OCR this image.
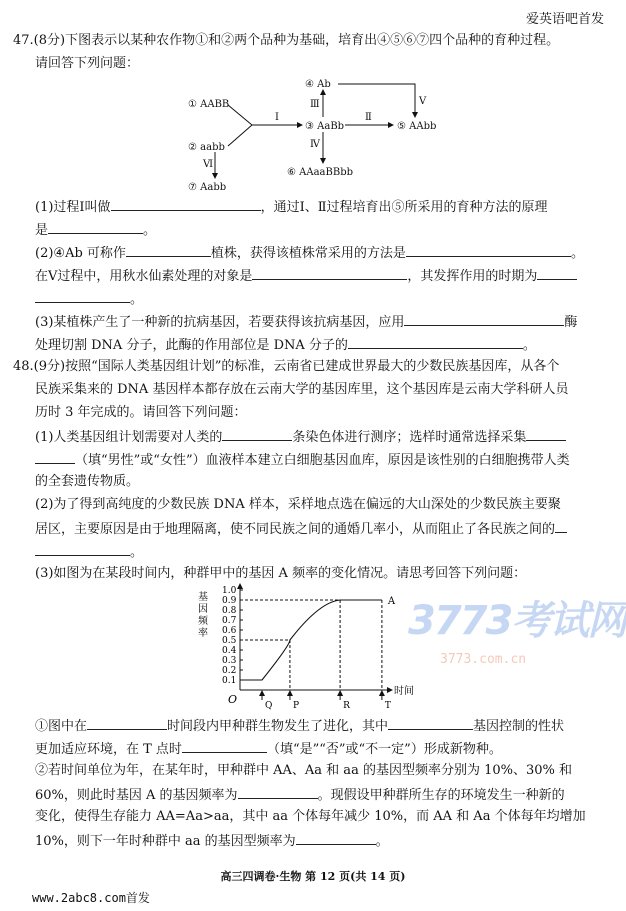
爱英语吧首发
47.(8分)下图表示以某种农作物①和②两个品种为基础，培育出④⑤⑥⑦四个品种的育种过程。
请回答下列问题：
① AABB
② aabb
③ AaBb
④ Ab
⑤ AAbb
⑥ AAaaBBbb
⑦ Aabb
Ⅰ	Ⅱ
Ⅲ
Ⅳ
Ⅴ
Ⅵ
(1)过程Ⅰ叫做	，通过Ⅰ、Ⅱ过程培育出⑤所采用的育种方法的原理
是	。
(2)④Ab 可称作	植株，获得该植株常采用的方法是	。
在Ⅴ过程中，用秋水仙素处理的对象是	，其发挥作用的时期为
。
(3)某植株产生了一种新的抗病基因，若要获得该抗病基因，应用	酶
处理切割 DNA 分子，此酶的作用部位是 DNA 分子的	。
48.(9分)按照“国际人类基因组计划”的标准，云南省已建成世界最大的少数民族基因库，从各个
民族采集来的 DNA 基因样本都存放在云南大学的基因库里，这个基因库是云南大学科研人员
历时 3 年完成的。请回答下列问题：
(1)人类基因组计划需要对人类的	条染色体进行测序；选样时通常选择采集
（填“男性”或“女性”）血液样本建立白细胞基因血库，原因是该性别的白细胞携带人类
的全套遗传物质。
(2)为了得到高纯度的少数民族 DNA 样本，采样地点选在偏远的大山深处的少数民族主要聚
居区，主要原因是由于地理隔离，使不同民族之间的通婚几率小，从而阻止了各民族之间的
。
(3)如图为在某段时间内，种群甲中的基因 A 频率的变化情况。请思考回答下列问题：
基
因
频
率
时间
O
0.1
0.2
0.3
0.4
0.5
0.6
0.7
0.8
0.9
1.0
Q P	R	T
A 3773考试网
3773.com.cn
①图中在	时间段内甲种群生物发生了进化，其中	基因控制的性状
更加适应环境，在 T 点时	（填“是”“否”或“不一定”）形成新物种。
②若时间单位为年，在某年时，甲种群中 AA、Aa 和 aa 的基因型频率分别为 10%、30% 和
60%，则此时基因 A 的基因频率为	。现假设甲种群所生存的环境发生一种新的
变化，使得生存能力 AA=Aa>aa，其中 aa 个体每年减少 10%，而 AA 和 Aa 个体每年均增加
10%，则下一年时种群中 aa 的基因型频率为	。
高三四调卷·生物 第 12 页(共 14 页)
www.2abc8.com首发
